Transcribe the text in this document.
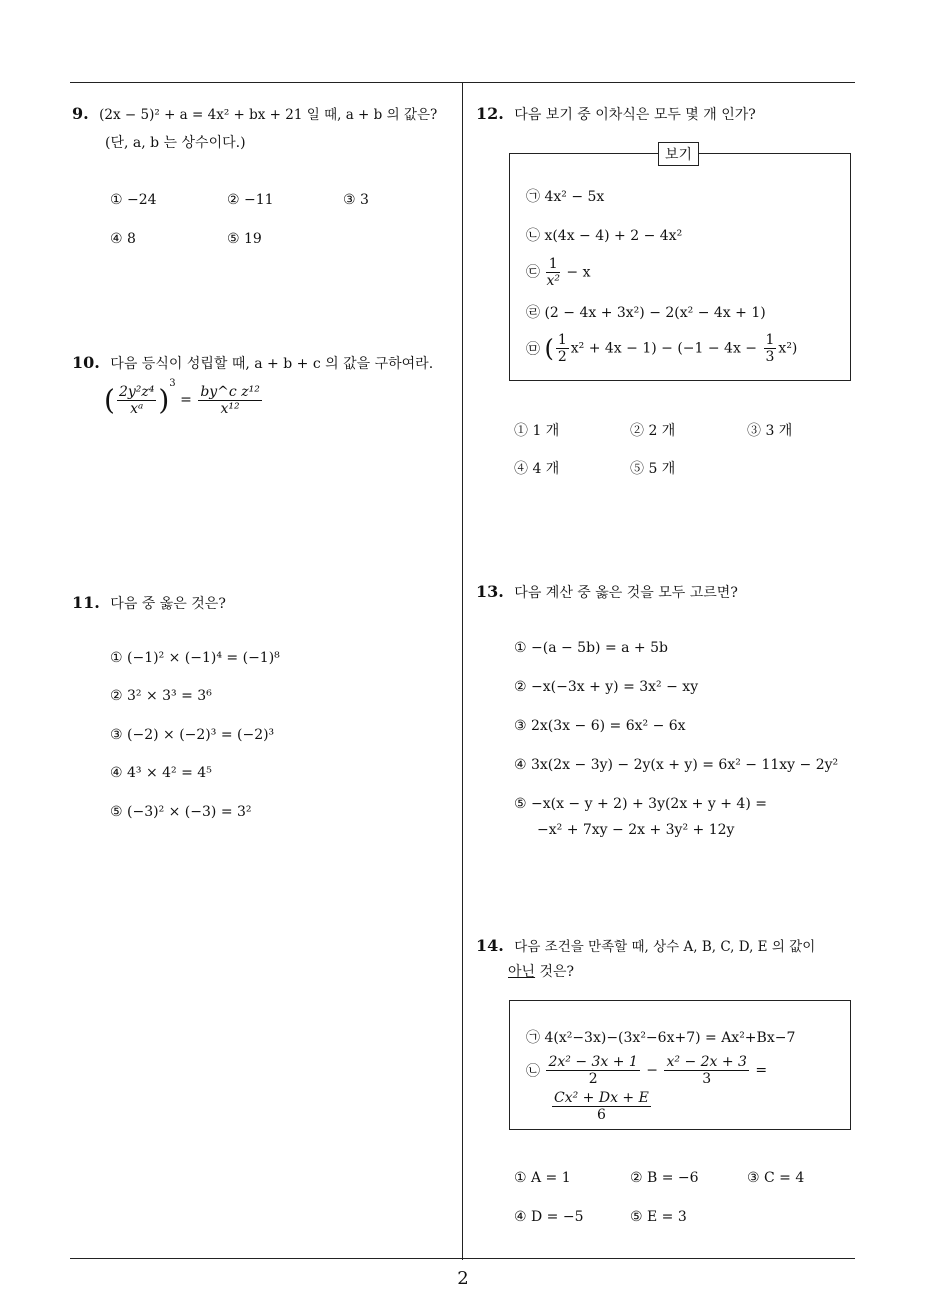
9. (2x − 5)² + a = 4x² + bx + 21 일 때, a + b 의 값은?
(단, a, b 는 상수이다.)
① −24	② −11	③ 3
④ 8	⑤ 19
10. 다음 등식이 성립할 때, a + b + c 의 값을 구하여라.
( $\frac{\text{2y²z⁴}}{\text{xᵃ}} )^3 = \frac{\text{by\textasciicircum{}c z¹²}}{\text{x¹²}}$
11. 다음 중 옳은 것은?
① (−1)² × (−1)⁴ = (−1)⁸
② 3² × 3³ = 3⁶
③ (−2) × (−2)³ = (−2)³
④ 4³ × 4² = 4⁵
⑤ (−3)² × (−3) = 3²
12. 다음 보기 중 이차식은 모두 몇 개 인가?
보기
㉠ 4x² − 5x
㉡ x(4x − 4) + 2 − 4x²
㉢ $\frac{1}{\text{x²}} - x$
㉣ (2 − 4x + 3x²) − 2(x² − 4x + 1)
㉤ ( $\frac{1}{2} x^2 + 4x - 1) - (-1 - 4x - \frac{1}{3} x^2)$
① 1 개	② 2 개	③ 3 개
④ 4 개	⑤ 5 개
13. 다음 계산 중 옳은 것을 모두 고르면?
① −(a − 5b) = a + 5b
② −x(−3x + y) = 3x² − xy
③ 2x(3x − 6) = 6x² − 6x
④ 3x(2x − 3y) − 2y(x + y) = 6x² − 11xy − 2y²
⑤ −x(x − y + 2) + 3y(2x + y + 4) =
−x² + 7xy − 2x + 3y² + 12y
14. 다음 조건을 만족할 때, 상수 A, B, C, D, E 의 값이
아닌 것은?
㉠ 4(x²−3x)−(3x²−6x+7) = Ax²+Bx−7
㉡ $\frac{\text{2x² − 3x + 1}}{2} - \frac{\text{x² − 2x + 3}}{3}$ =
$\frac{\text{Cx² + Dx + E}}{6}$
① A = 1	② B = −6	③ C = 4
④ D = −5	⑤ E = 3
2
